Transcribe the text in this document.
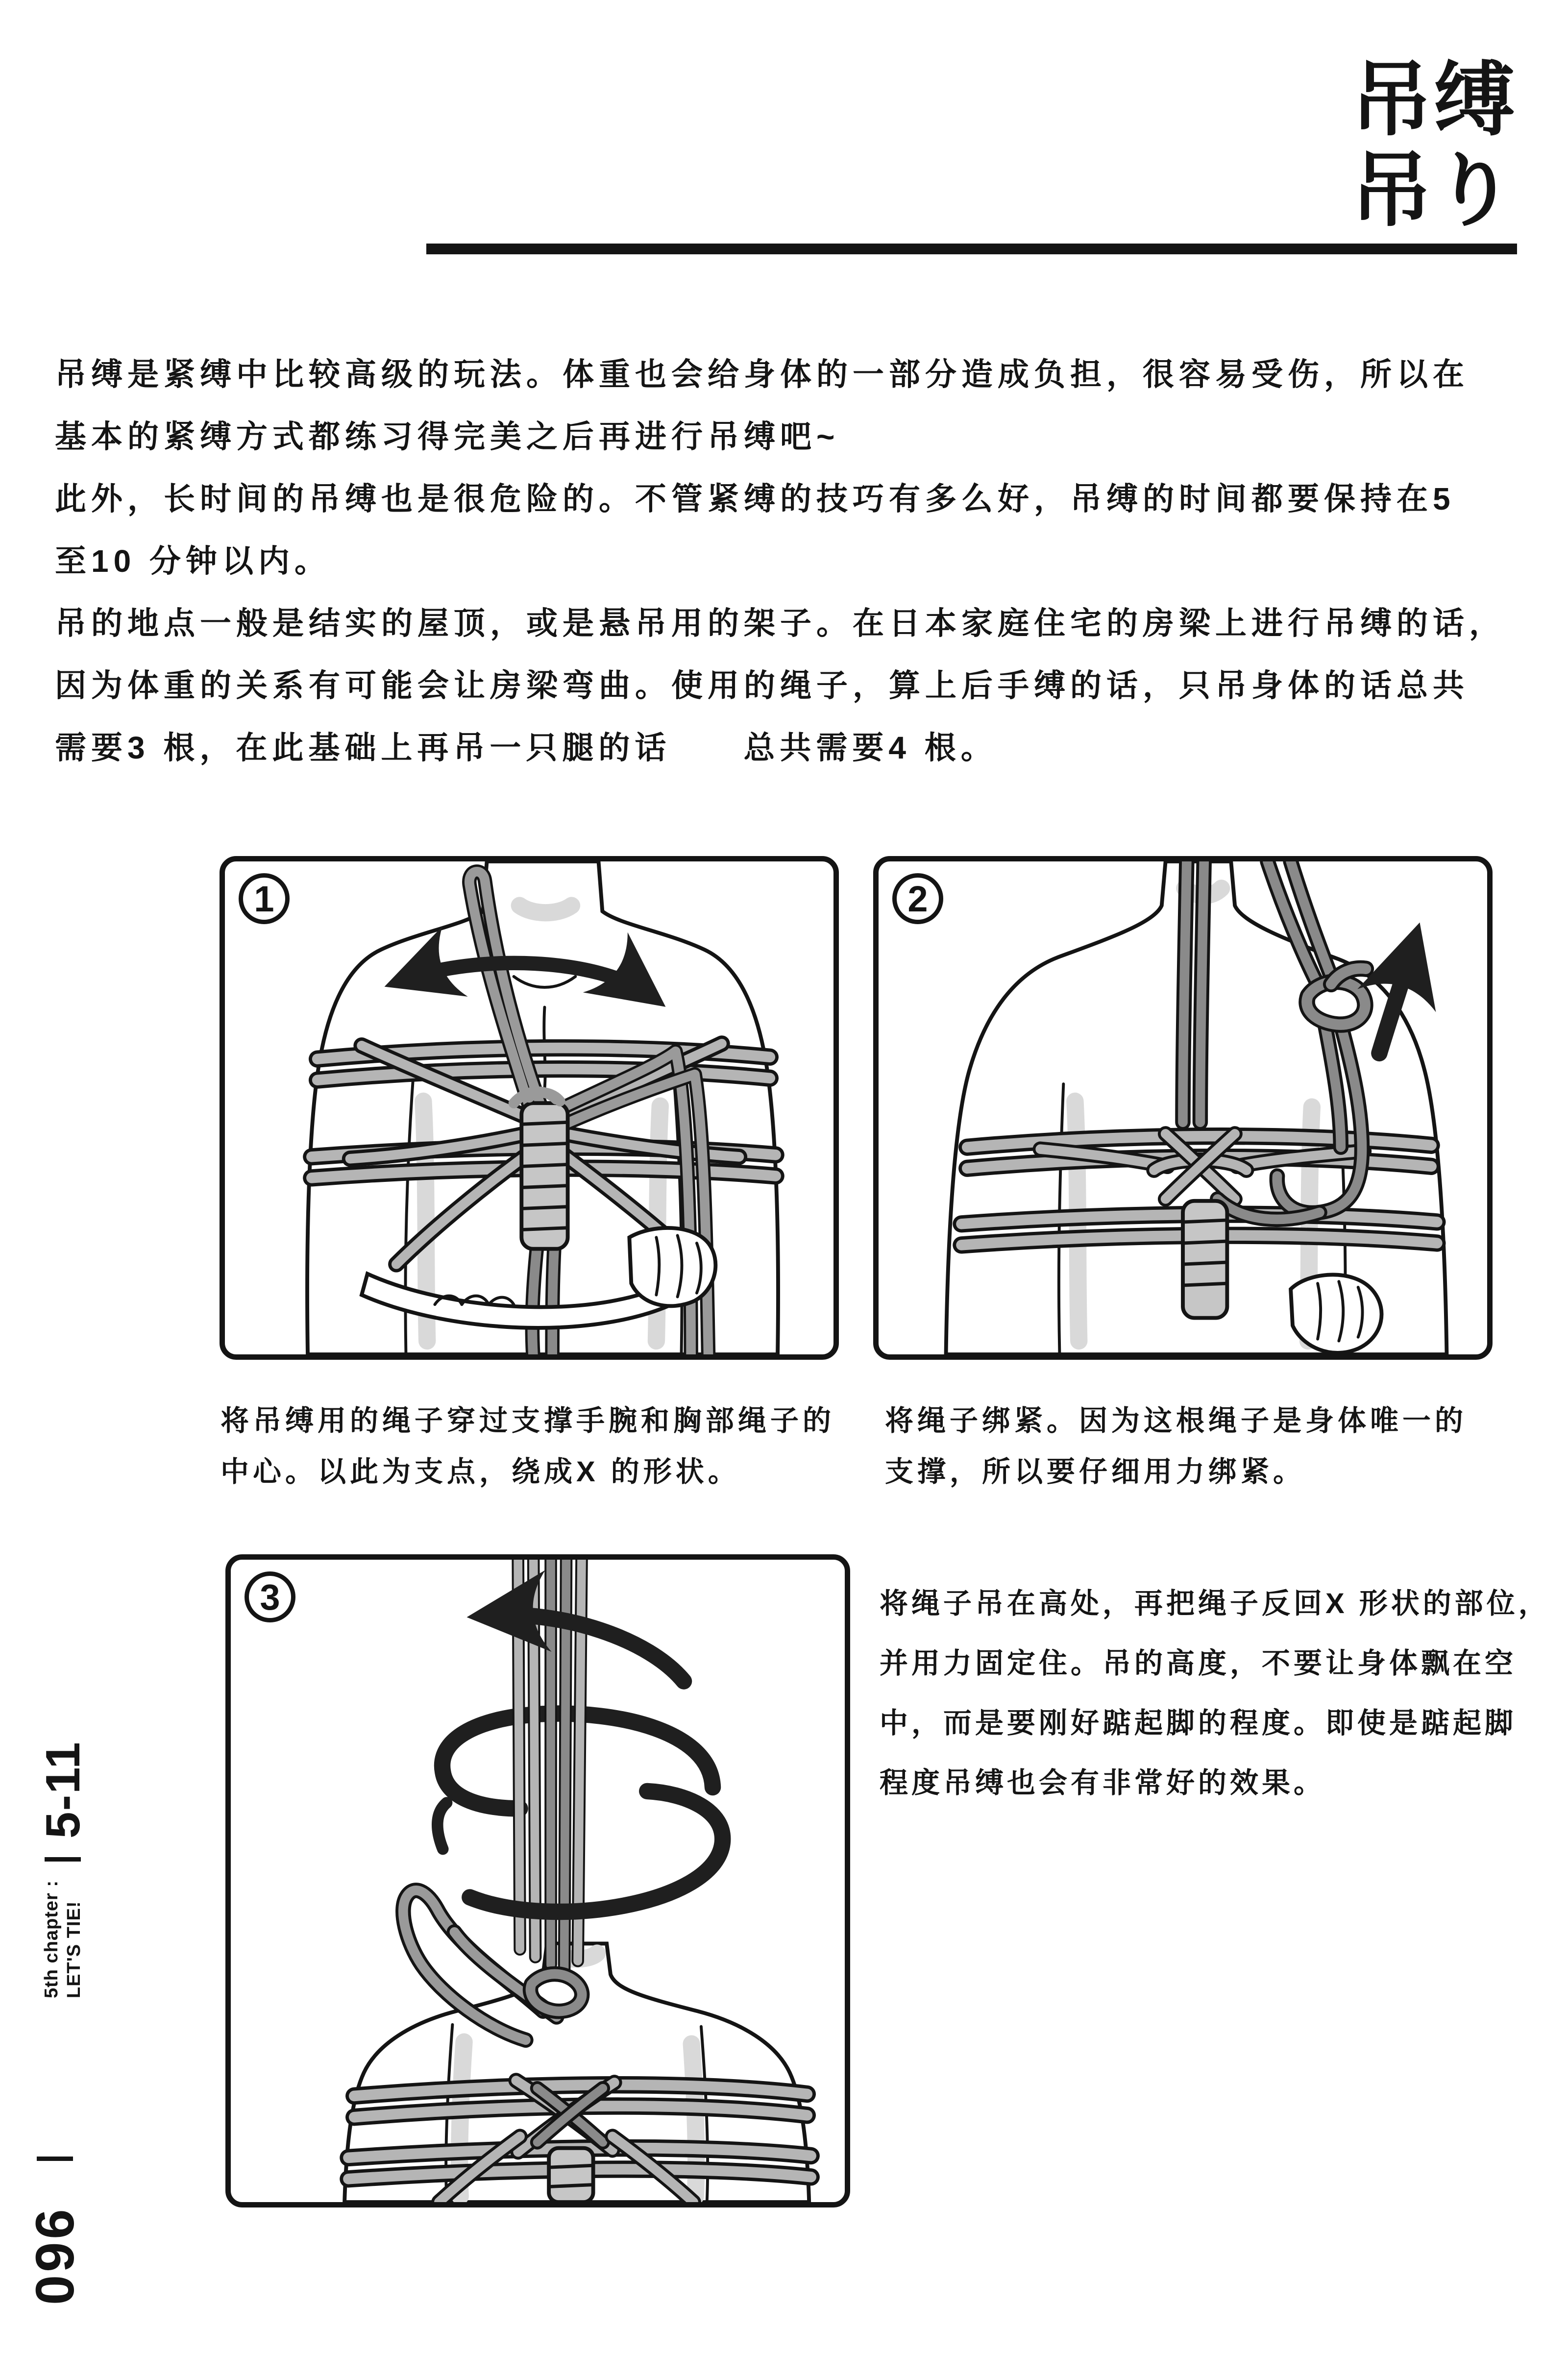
吊缚
吊り
吊缚是紧缚中比较高级的玩法。体重也会给身体的一部分造成负担，很容易受伤，所以在
基本的紧缚方式都练习得完美之后再进行吊缚吧~
此外，长时间的吊缚也是很危险的。不管紧缚的技巧有多么好，吊缚的时间都要保持在5
至10 分钟以内。
吊的地点一般是结实的屋顶，或是悬吊用的架子。在日本家庭住宅的房梁上进行吊缚的话，
因为体重的关系有可能会让房梁弯曲。使用的绳子，算上后手缚的话，只吊身体的话总共
需要3 根，在此基础上再吊一只腿的话　　总共需要4 根。
1	2
将吊缚用的绳子穿过支撑手腕和胸部绳子的
中心。以此为支点，绕成X 的形状。
将绳子绑紧。因为这根绳子是身体唯一的
支撑，所以要仔细用力绑紧。
3	将绳子吊在高处，再把绳子反回X 形状的部位，
并用力固定住。吊的高度，不要让身体飘在空
中，而是要刚好踮起脚的程度。即使是踮起脚
程度吊缚也会有非常好的效果。
5th chapter : LET'S TIE!
5-11
096
